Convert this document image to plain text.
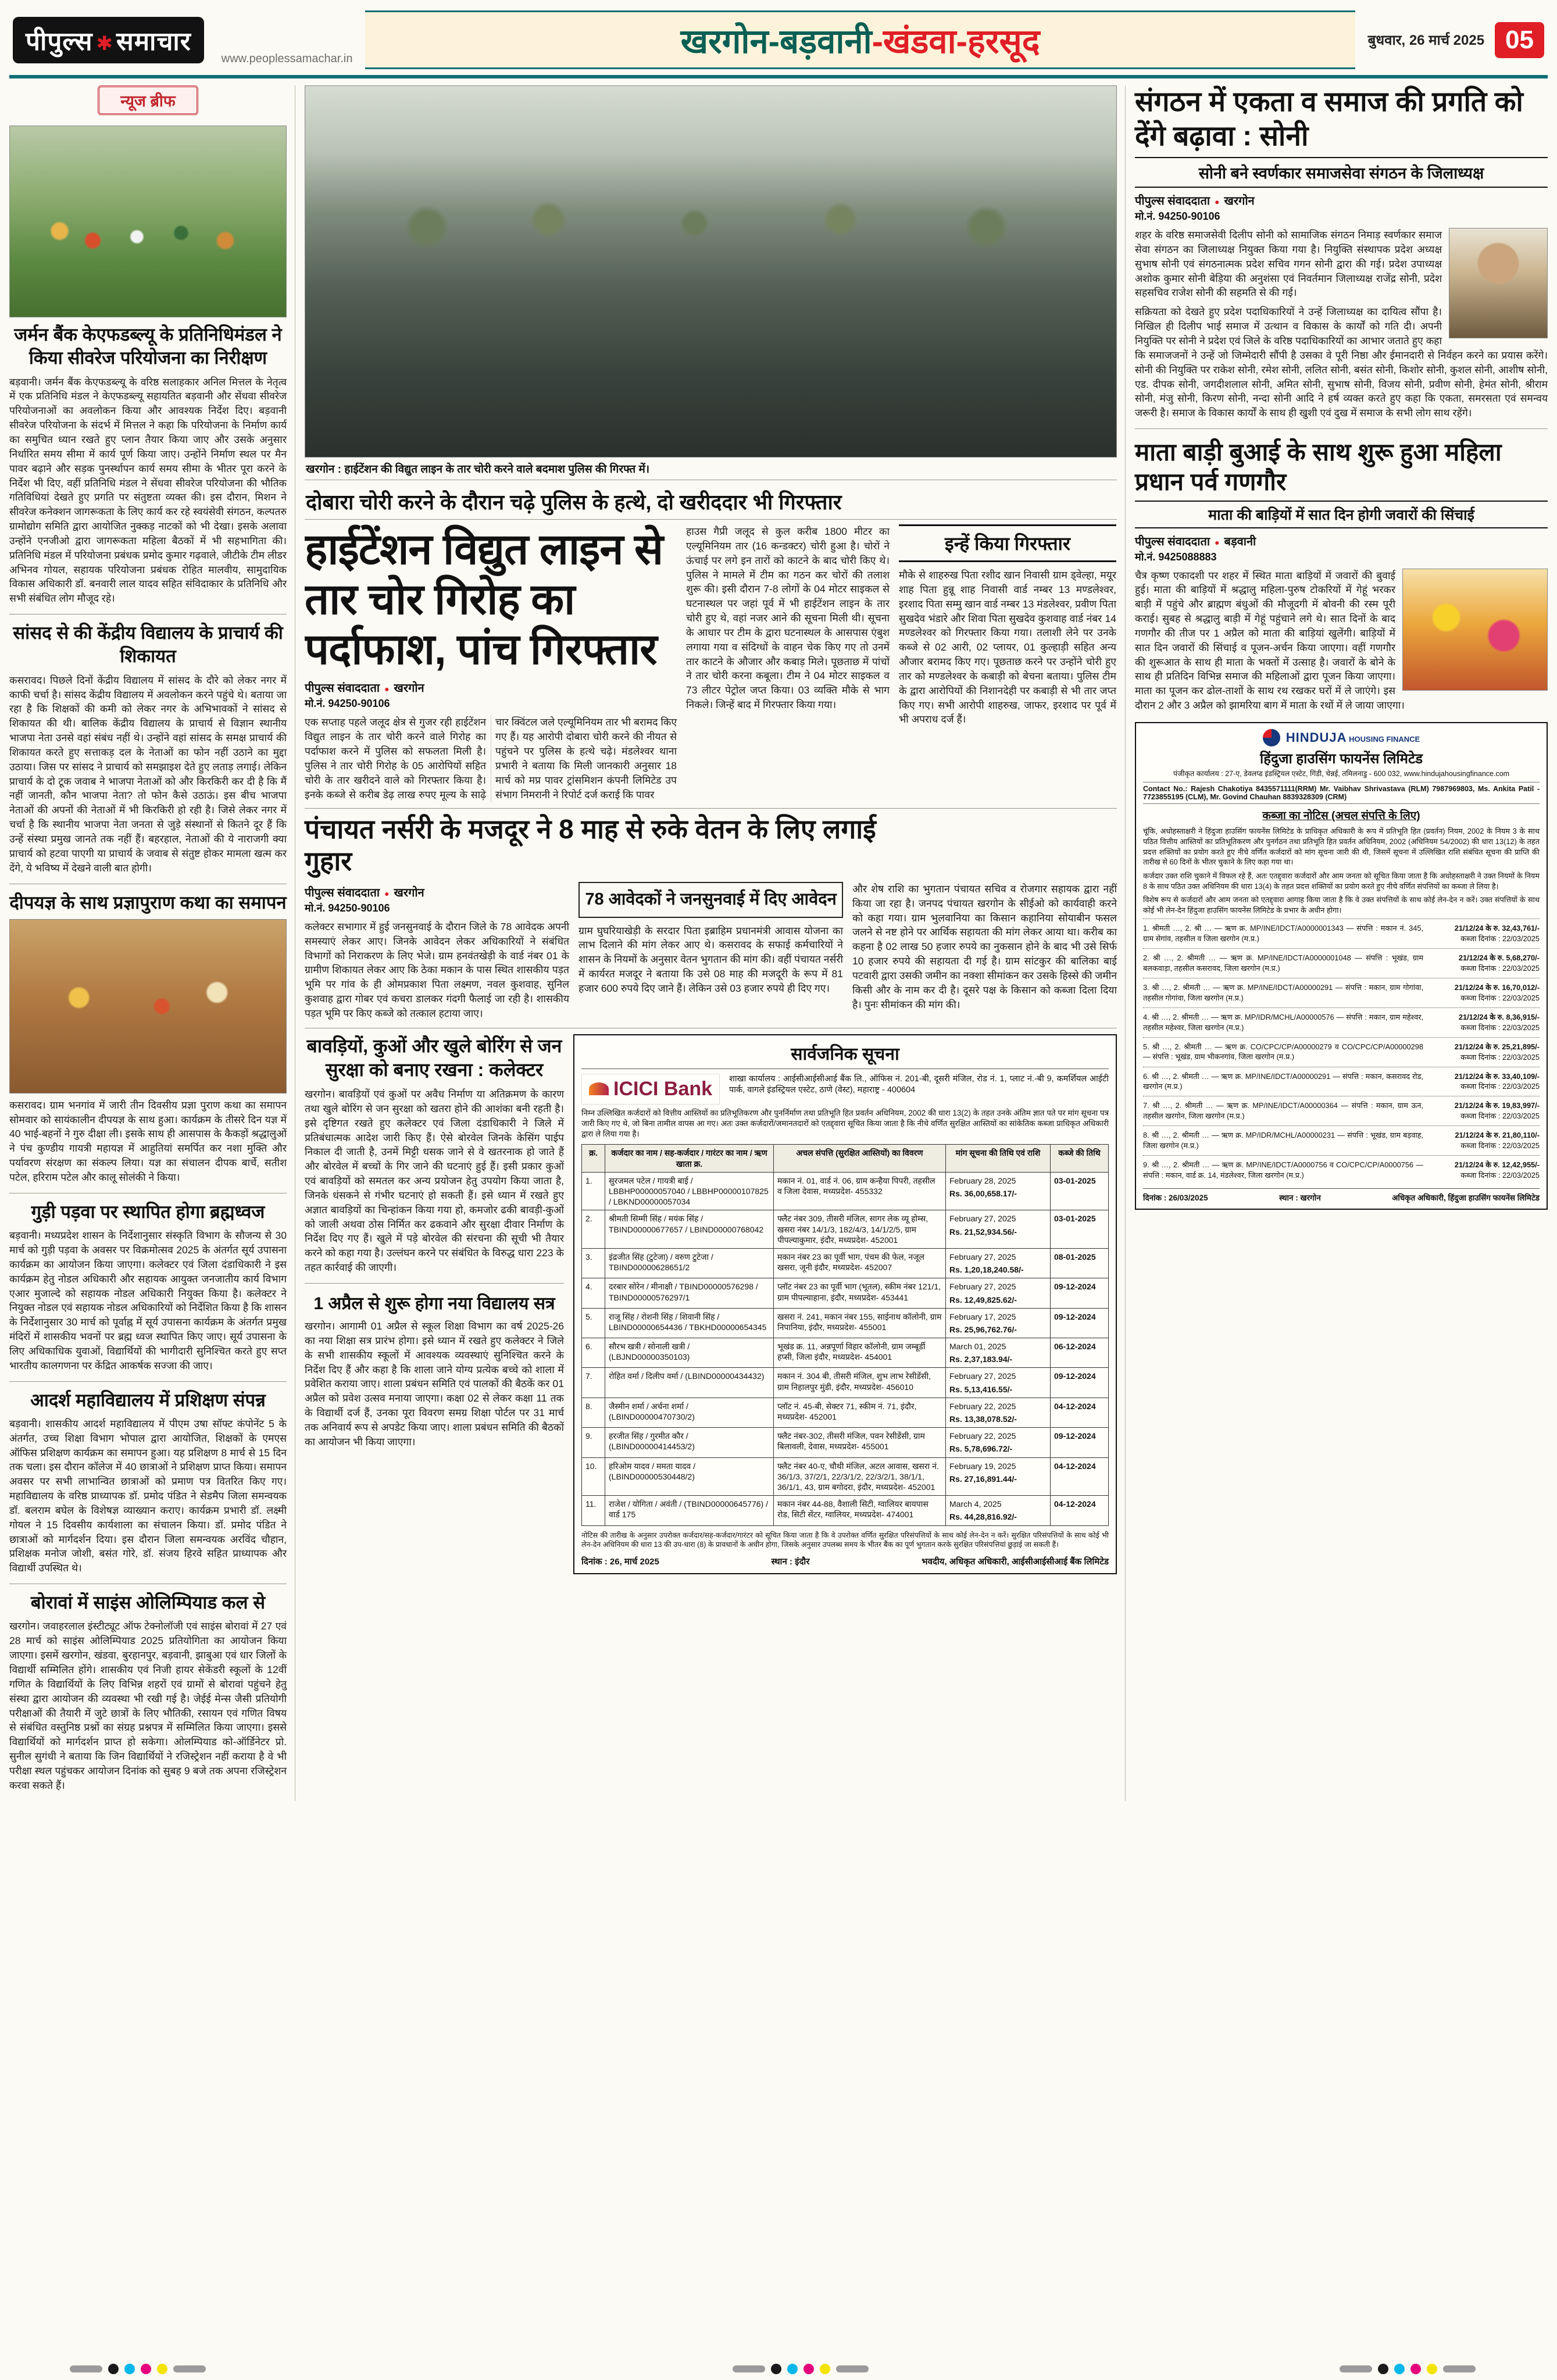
पीपुल्स ✱ समाचार
www.peoplessamachar.in	खरगोन-बड़वानी-खंडवा-हरसूद	बुधवार, 26 मार्च 2025 05
न्यूज ब्रीफ
जर्मन बैंक केएफडब्ल्यू के प्रतिनिधिमंडल ने किया सीवरेज परियोजना का निरीक्षण

बड़वानी। जर्मन बैंक केएफडब्ल्यू के वरिष्ठ सलाहकार अनिल मित्तल के नेतृत्व में एक प्रतिनिधि मंडल ने केएफडब्ल्यू सहायतित बड़वानी और सेंधवा सीवरेज परियोजनाओं का अवलोकन किया और आवश्यक निर्देश दिए। बड़वानी सीवरेज परियोजना के संदर्भ में मित्तल ने कहा कि परियोजना के निर्माण कार्य का समुचित ध्यान रखते हुए प्लान तैयार किया जाए और उसके अनुसार निर्धारित समय सीमा में कार्य पूर्ण किया जाए। उन्होंने निर्माण स्थल पर मैन पावर बढ़ाने और सड़क पुनर्स्थापन कार्य समय सीमा के भीतर पूरा करने के निर्देश भी दिए, वहीं प्रतिनिधि मंडल ने सेंधवा सीवरेज परियोजना की भौतिक गतिविधियां देखते हुए प्रगति पर संतुष्टता व्यक्त की। इस दौरान, मिशन ने सीवरेज कनेक्शन जागरूकता के लिए कार्य कर रहे स्वयंसेवी संगठन, कल्पतरु ग्रामोद्योग समिति द्वारा आयोजित नुक्कड़ नाटकों को भी देखा। इसके अलावा उन्होंने एनजीओ द्वारा जागरूकता महिला बैठकों में भी सहभागिता की। प्रतिनिधि मंडल में परियोजना प्रबंधक प्रमोद कुमार गढ़वाले, जीटीके टीम लीडर अभिनव गोयल, सहायक परियोजना प्रबंधक रोहित मालवीय, सामुदायिक विकास अधिकारी डॉ. बनवारी लाल यादव सहित संविदाकार के प्रतिनिधि और सभी संबंधित लोग मौजूद रहे।

सांसद से की केंद्रीय विद्यालय के प्राचार्य की शिकायत

कसरावद। पिछले दिनों केंद्रीय विद्यालय में सांसद के दौरे को लेकर नगर में काफी चर्चा है। सांसद केंद्रीय विद्यालय में अवलोकन करने पहुंचे थे। बताया जा रहा है कि शिक्षकों की कमी को लेकर नगर के अभिभावकों ने सांसद से शिकायत की थी। बालिक केंद्रीय विद्यालय के प्राचार्य से विज्ञान स्थानीय भाजपा नेता उनसे वहां संबंध नहीं थे। उन्होंने वहां सांसद के समक्ष प्राचार्य की शिकायत करते हुए सत्ताकड़ दल के नेताओं का फोन नहीं उठाने का मुद्दा उठाया। जिस पर सांसद ने प्राचार्य को समझाइश देते हुए लताड़ लगाई। लेकिन प्राचार्य के दो टूक जवाब ने भाजपा नेताओं को और किरकिरी कर दी है कि मैं नहीं जानती, कौन भाजपा नेता? तो फोन कैसे उठाऊं। इस बीच भाजपा नेताओं की अपनों की नेताओं में भी किरकिरी हो रही है। जिसे लेकर नगर में चर्चा है कि स्थानीय भाजपा नेता जनता से जुड़े संस्थानों से कितने दूर हैं कि उन्हें संस्था प्रमुख जानते तक नहीं हैं। बहरहाल, नेताओं की ये नाराजगी क्या प्राचार्य को हटवा पाएगी या प्राचार्य के जवाब से संतुष्ट होकर मामला खत्म कर देंगे, ये भविष्य में देखने वाली बात होगी।

दीपयज्ञ के साथ प्रज्ञापुराण कथा का समापन

कसरावद। ग्राम भनगांव में जारी तीन दिवसीय प्रज्ञा पुराण कथा का समापन सोमवार को सायंकालीन दीपयज्ञ के साथ हुआ। कार्यक्रम के तीसरे दिन यज्ञ में 40 भाई-बहनों ने गुरु दीक्षा ली। इसके साथ ही आसपास के कैकड़ों श्रद्धालुओं ने पंच कुण्डीय गायत्री महायज्ञ में आहुतियां समर्पित कर नशा मुक्ति और पर्यावरण संरक्षण का संकल्प लिया। यज्ञ का संचालन दीपक बार्चे, सतीश पटेल, हरिराम पटेल और कालू सोलंकी ने किया।

गुड़ी पड़वा पर स्थापित होगा ब्रह्मध्वज

बड़वानी। मध्यप्रदेश शासन के निर्देशानुसार संस्कृति विभाग के सौजन्य से 30 मार्च को गुड़ी पड़वा के अवसर पर विक्रमोत्सव 2025 के अंतर्गत सूर्य उपासना कार्यक्रम का आयोजन किया जाएगा। कलेक्टर एवं जिला दंडाधिकारी ने इस कार्यक्रम हेतु नोडल अधिकारी और सहायक आयुक्त जनजातीय कार्य विभाग एआर मुजाल्दे को सहायक नोडल अधिकारी नियुक्त किया है। कलेक्टर ने नियुक्त नोडल एवं सहायक नोडल अधिकारियों को निर्देशित किया है कि शासन के निर्देशानुसार 30 मार्च को पूर्वाह्न में सूर्य उपासना कार्यक्रम के अंतर्गत प्रमुख मंदिरों में शासकीय भवनों पर ब्रह्म ध्वज स्थापित किए जाए। सूर्य उपासना के लिए अधिकाधिक युवाओं, विद्यार्थियों की भागीदारी सुनिश्चित करते हुए सप्त भारतीय कालगणना पर केंद्रित आकर्षक सज्जा की जाए।

आदर्श महाविद्यालय में प्रशिक्षण संपन्न

बड़वानी। शासकीय आदर्श महाविद्यालय में पीएम उषा सॉफ्ट कंपोनेंट 5 के अंतर्गत, उच्च शिक्षा विभाग भोपाल द्वारा आयोजित, शिक्षकों के एमएस ऑफिस प्रशिक्षण कार्यक्रम का समापन हुआ। यह प्रशिक्षण 8 मार्च से 15 दिन तक चला। इस दौरान कॉलेज में 40 छात्राओं ने प्रशिक्षण प्राप्त किया। समापन अवसर पर सभी लाभान्वित छात्राओं को प्रमाण पत्र वितरित किए गए। महाविद्यालय के वरिष्ठ प्राध्यापक डॉ. प्रमोद पंडित ने सेडमैप जिला समन्वयक डॉ. बलराम बघेल के विशेषज्ञ व्याख्यान कराए। कार्यक्रम प्रभारी डॉ. लक्ष्मी गोयल ने 15 दिवसीय कार्यशाला का संचालन किया। डॉ. प्रमोद पंडित ने छात्राओं को मार्गदर्शन दिया। इस दौरान जिला समन्वयक अरविंद चौहान, प्रशिक्षक मनोज जोशी, बसंत गोरे, डॉ. संजय हिरवे सहित प्राध्यापक और विद्यार्थी उपस्थित थे।

बोरावां में साइंस ओलिम्पियाड कल से

खरगोन। जवाहरलाल इंस्टीट्यूट ऑफ टेक्नोलॉजी एवं साइंस बोरावां में 27 एवं 28 मार्च को साइंस ओलिम्पियाड 2025 प्रतियोगिता का आयोजन किया जाएगा। इसमें खरगोन, खंडवा, बुरहानपुर, बड़वानी, झाबुआ एवं धार जिलों के विद्यार्थी सम्मिलित होंगे। शासकीय एवं निजी हायर सेकेंडरी स्कूलों के 12वीं गणित के विद्यार्थियों के लिए विभिन्न शहरों एवं ग्रामों से बोरावां पहुंचने हेतु संस्था द्वारा आयोजन की व्यवस्था भी रखी गई है। जेईई मेन्स जैसी प्रतियोगी परीक्षाओं की तैयारी में जुटे छात्रों के लिए भौतिकी, रसायन एवं गणित विषय से संबंधित वस्तुनिष्ठ प्रश्नों का संग्रह प्रश्नपत्र में सम्मिलित किया जाएगा। इससे विद्यार्थियों को मार्गदर्शन प्राप्त हो सकेगा। ओलम्पियाड को-ऑर्डिनेटर प्रो. सुनील सुगंधी ने बताया कि जिन विद्यार्थियों ने रजिस्ट्रेशन नहीं कराया है वे भी परीक्षा स्थल पहुंचकर आयोजन दिनांक को सुबह 9 बजे तक अपना रजिस्ट्रेशन करवा सकते हैं।

खरगोन : हाईटेंशन की विद्युत लाइन के तार चोरी करने वाले बदमाश पुलिस की गिरफ्त में।
दोबारा चोरी करने के दौरान चढ़े पुलिस के हत्थे, दो खरीददार भी गिरफ्तार
हाईटेंशन विद्युत लाइन से तार चोर गिरोह का पर्दाफाश, पांच गिरफ्तार
पीपुल्स संवाददाता ● खरगोन
मो.नं. 94250-90106

एक सप्ताह पहले जलूद क्षेत्र से गुजर रही हाईटेंशन विद्युत लाइन के तार चोरी करने वाले गिरोह का पर्दाफाश करने में पुलिस को सफलता मिली है। पुलिस ने तार चोरी गिरोह के 05 आरोपियों सहित चोरी के तार खरीदने वाले को गिरफ्तार किया है। इनके कब्जे से करीब डेढ़ लाख रुपए मूल्य के साढ़े चार क्विंटल जले एल्यूमिनियम तार भी बरामद किए गए हैं। यह आरोपी दोबारा चोरी करने की नीयत से पहुंचने पर पुलिस के हत्थे चढ़े। मंडलेश्वर थाना प्रभारी ने बताया कि मिली जानकारी अनुसार 18 मार्च को मप्र पावर ट्रांसमिशन कंपनी लिमिटेड उप संभाग निमरानी ने रिपोर्ट दर्ज कराई कि पावर

हाउस गैप्री जलूद से कुल करीब 1800 मीटर का एल्यूमिनियम तार (16 कन्डक्टर) चोरी हुआ है। चोरों ने ऊंचाई पर लगे इन तारों को काटने के बाद चोरी किए थे। पुलिस ने मामले में टीम का गठन कर चोरों की तलाश शुरू की। इसी दौरान 7-8 लोगों के 04 मोटर साइकल से घटनास्थल पर जहां पूर्व में भी हाईटेंशन लाइन के तार चोरी हुए थे, वहां नजर आने की सूचना मिली थी। सूचना के आधार पर टीम के द्वारा घटनास्थल के आसपास एंबुश लगाया गया व संदिग्धों के वाहन चेक किए गए तो उनमें तार काटने के औजार और कबाड़ मिले। पूछताछ में पांचों ने तार चोरी करना कबूला। टीम ने 04 मोटर साइकल व 73 लीटर पेट्रोल जप्त किया। 03 व्यक्ति मौके से भाग निकले। जिन्हें बाद में गिरफ्तार किया गया।

इन्हें किया गिरफ्तार

मौके से शाहरुख पिता रशीद खान निवासी ग्राम ड्वेल्हा, मयूर शाह पिता हुन्नू शाह निवासी वार्ड नम्बर 13 मण्डलेश्वर, इरशाद पिता सम्मु खान वार्ड नम्बर 13 मंडलेश्वर, प्रवीण पिता सुखदेव भंडारे और शिवा पिता सुखदेव कुशवाह वार्ड नंबर 14 मण्डलेश्वर को गिरफ्तार किया गया। तलाशी लेने पर उनके कब्जे से 02 आरी, 02 प्लायर, 01 कुल्हाड़ी सहित अन्य औजार बरामद किए गए। पूछताछ करने पर उन्होंने चोरी हुए तार को मण्डलेश्वर के कबाड़ी को बेचना बताया। पुलिस टीम के द्वारा आरोपियों की निशानदेही पर कबाड़ी से भी तार जप्त किए गए। सभी आरोपी शाहरुख, जाफर, इरशाद पर पूर्व में भी अपराध दर्ज हैं।

पंचायत नर्सरी के मजदूर ने 8 माह से रुके वेतन के लिए लगाई गुहार
पीपुल्स संवाददाता ● खरगोन
मो.नं. 94250-90106

कलेक्टर सभागार में हुई जनसुनवाई के दौरान जिले के 78 आवेदक अपनी समस्याएं लेकर आए। जिनके आवेदन लेकर अधिकारियों ने संबंधित विभागों को निराकरण के लिए भेजे। ग्राम हनवंतखेड़ी के वार्ड नंबर 01 के ग्रामीण शिकायत लेकर आए कि ठेका मकान के पास स्थित शासकीय पड़त भूमि पर गांव के ही ओमप्रकाश पिता लक्ष्मण, नवल कुशवाह, सुनिल कुशवाह द्वारा गोबर एवं कचरा डालकर गंदगी फैलाई जा रही है। शासकीय पड़त भूमि पर किए कब्जे को तत्काल हटाया जाए।

78 आवेदकों ने जनसुनवाई में दिए आवेदन

ग्राम घुघरियाखेड़ी के सरदार पिता इब्राहिम प्रधानमंत्री आवास योजना का लाभ दिलाने की मांग लेकर आए थे। कसरावद के सफाई कर्मचारियों ने शासन के नियमों के अनुसार वेतन भुगतान की मांग की। वहीं पंचायत नर्सरी में कार्यरत मजदूर ने बताया कि उसे 08 माह की मजदूरी के रूप में 81 हजार 600 रुपये दिए जाने हैं। लेकिन उसे 03 हजार रुपये ही दिए गए।

और शेष राशि का भुगतान पंचायत सचिव व रोजगार सहायक द्वारा नहीं किया जा रहा है। जनपद पंचायत खरगोन के सीईओ को कार्यवाही करने को कहा गया। ग्राम भुलवानिया का किसान कहानिया सोयाबीन फसल जलने से नष्ट होने पर आर्थिक सहायता की मांग लेकर आया था। करीब का कहना है 02 लाख 50 हजार रुपये का नुकसान होने के बाद भी उसे सिर्फ 10 हजार रुपये की सहायता दी गई है। ग्राम सांटकुर की बालिका बाई पटवारी द्वारा उसकी जमीन का नक्शा सीमांकन कर उसके हिस्से की जमीन किसी और के नाम कर दी है। दूसरे पक्ष के किसान को कब्जा दिला दिया है। पुनः सीमांकन की मांग की।

बावड़ियों, कुओं और खुले बोरिंग से जन सुरक्षा को बनाए रखना : कलेक्टर

खरगोन। बावड़ियों एवं कुओं पर अवैध निर्माण या अतिक्रमण के कारण तथा खुले बोरिंग से जन सुरक्षा को खतरा होने की आशंका बनी रहती है। इसे दृष्टिगत रखते हुए कलेक्टर एवं जिला दंडाधिकारी ने जिले में प्रतिबंधात्मक आदेश जारी किए हैं। ऐसे बोरवेल जिनके केसिंग पाईप निकाल दी जाती है, उनमें मिट्टी धसक जाने से वे खतरनाक हो जाते हैं और बोरवेल में बच्चों के गिर जाने की घटनाएं हुई हैं। इसी प्रकार कुओं एवं बावड़ियों को समतल कर अन्य प्रयोजन हेतु उपयोग किया जाता है, जिनके धंसकने से गंभीर घटनाएं हो सकती हैं। इसे ध्यान में रखते हुए अज्ञात बावड़ियों का चिन्हांकन किया गया हो, कमजोर ढकी बावड़ी-कुओं को जाली अथवा ठोस निर्मित कर ढकवाने और सुरक्षा दीवार निर्माण के निर्देश दिए गए हैं। खुले में पड़े बोरवेल की संरचना की सूची भी तैयार करने को कहा गया है। उल्लंघन करने पर संबंधित के विरुद्ध धारा 223 के तहत कार्रवाई की जाएगी।

1 अप्रैल से शुरू होगा नया विद्यालय सत्र

खरगोन। आगामी 01 अप्रैल से स्कूल शिक्षा विभाग का वर्ष 2025-26 का नया शिक्षा सत्र प्रारंभ होगा। इसे ध्यान में रखते हुए कलेक्टर ने जिले के सभी शासकीय स्कूलों में आवश्यक व्यवस्थाएं सुनिश्चित करने के निर्देश दिए हैं और कहा है कि शाला जाने योग्य प्रत्येक बच्चे को शाला में प्रवेशित कराया जाए। शाला प्रबंधन समिति एवं पालकों की बैठकें कर 01 अप्रैल को प्रवेश उत्सव मनाया जाएगा। कक्षा 02 से लेकर कक्षा 11 तक के विद्यार्थी दर्ज हैं, उनका पूरा विवरण समग्र शिक्षा पोर्टल पर 31 मार्च तक अनिवार्य रूप से अपडेट किया जाए। शाला प्रबंधन समिति की बैठकों का आयोजन भी किया जाएगा।

सार्वजनिक सूचना
ICICI Bank शाखा कार्यालय : आईसीआईसीआई बैंक लि., ऑफिस नं. 201-बी, दूसरी मंजिल, रोड नं. 1, प्लाट नं.-बी 9, कमर्शियल आईटी पार्क, वागले इंडस्ट्रियल एस्टेट, ठाणे (वेस्ट), महाराष्ट्र - 400604

निम्न उल्लिखित कर्जदारों को वित्तीय आस्तियों का प्रतिभूतिकरण और पुनर्निर्माण तथा प्रतिभूति हित प्रवर्तन अधिनियम, 2002 की धारा 13(2) के तहत उनके अंतिम ज्ञात पते पर मांग सूचना पत्र जारी किए गए थे, जो बिना तामील वापस आ गए। अतः उक्त कर्जदारों/जमानतदारों को एतद्द्वारा सूचित किया जाता है कि नीचे वर्णित सुरक्षित आस्तियों का सांकेतिक कब्जा प्राधिकृत अधिकारी द्वारा ले लिया गया है।

क्र.	कर्जदार का नाम / सह-कर्जदार / गारंटर का नाम / ऋण खाता क्र.	अचल संपत्ति (सुरक्षित आस्तियों) का विवरण	मांग सूचना की तिथि एवं राशि	कब्जे की तिथि
1.	सुरजमल पटेल / गायत्री बाई / LBBHP00000057040 / LBBHP00000107825 / LBKND00000057034	मकान नं. 01, वार्ड नं. 06, ग्राम कन्हैया पिपरी, तहसील व जिला देवास, मध्यप्रदेश- 455332	February 28, 2025
Rs. 36,00,658.17/-	03-01-2025
2.	श्रीमती सिम्मी सिंह / मयंक सिंह / TBIND00000677657 / LBIND00000768042	फ्लैट नंबर 309, तीसरी मंजिल, सागर लेक व्यू होम्स, खसरा नंबर 14/1/3, 182/4/3, 14/1/2/5, ग्राम पीपल्याकुमार, इंदौर, मध्यप्रदेश- 452001	February 27, 2025
Rs. 21,52,934.56/-	03-01-2025
3.	इंद्रजीत सिंह (टुटेजा) / वरुण टुटेजा / TBIND00000628651/2	मकान नंबर 23 का पूर्वी भाग, पंचम की फेल, नजूल खसरा, जूनी इंदौर, मध्यप्रदेश- 452007	February 27, 2025
Rs. 1,20,18,240.58/-	08-01-2025
4.	दरबार सोरेन / मीनाक्षी / TBIND00000576298 / TBIND00000576297/1	प्लॉट नंबर 23 का पूर्वी भाग (भूतल), स्कीम नंबर 121/1, ग्राम पीपल्याहाना, इंदौर, मध्यप्रदेश- 453441	February 27, 2025
Rs. 12,49,825.62/-	09-12-2024
5.	राजू सिंह / रोशनी सिंह / शिवानी सिंह / LBIND00000654436 / TBKHD00000654345	खसरा नं. 241, मकान नंबर 155, साईनाथ कॉलोनी, ग्राम निपानिया, इंदौर, मध्यप्रदेश- 455001	February 17, 2025
Rs. 25,96,762.76/-	09-12-2024
6.	सौरभ खत्री / सोनाली खत्री / (LBJND00000350103)	भूखंड क्र. 11, अन्नपूर्णा विहार कॉलोनी, ग्राम जम्बूर्डी हप्सी, जिला इंदौर, मध्यप्रदेश- 454001	March 01, 2025
Rs. 2,37,183.94/-	06-12-2024
7.	रोहित वर्मा / दिलीप वर्मा / (LBIND00000434432)	मकान नं. 304 बी, तीसरी मंजिल, शुभ लाभ रेसीडेंसी, ग्राम निहालपुर मुंडी, इंदौर, मध्यप्रदेश- 456010	February 27, 2025
Rs. 5,13,416.55/-	09-12-2024
8.	जैस्मीन शर्मा / अर्चना शर्मा / (LBIND00000470730/2)	प्लॉट नं. 45-बी, सेक्टर 71, स्कीम नं. 71, इंदौर, मध्यप्रदेश- 452001	February 22, 2025
Rs. 13,38,078.52/-	04-12-2024
9.	हरजीत सिंह / गुरमीत कौर / (LBIND00000414453/2)	फ्लैट नंबर-302, तीसरी मंजिल, पवन रेसीडेंसी, ग्राम बिलावली, देवास, मध्यप्रदेश- 455001	February 22, 2025
Rs. 5,78,696.72/-	09-12-2024
10.	हरिओम यादव / ममता यादव / (LBIND00000530448/2)	फ्लैट नंबर 40-ए, चौथी मंजिल, अटल आवास, खसरा नं. 36/1/3, 37/2/1, 22/3/1/2, 22/3/2/1, 38/1/1, 36/1/1, 43, ग्राम बगोदरा, इंदौर, मध्यप्रदेश- 452001	February 19, 2025
Rs. 27,16,891.44/-	04-12-2024
11.	राजेश / योगिता / अवंती / (TBIND00000645776) / वार्ड 175	मकान नंबर 44-88, वैशाली सिटी, ग्वालियर बायपास रोड, सिटी सेंटर, ग्वालियर, मध्यप्रदेश- 474001	March 4, 2025
Rs. 44,28,816.92/-	04-12-2024

नोटिस की तारीख के अनुसार उपरोक्त कर्जदार/सह-कर्जदार/गारंटर को सूचित किया जाता है कि वे उपरोक्त वर्णित सुरक्षित परिसंपत्तियों के साथ कोई लेन-देन न करें। सुरक्षित परिसंपत्तियों के साथ कोई भी लेन-देन अधिनियम की धारा 13 की उप-धारा (8) के प्रावधानों के अधीन होगा, जिसके अनुसार उपलब्ध समय के भीतर बैंक का पूर्ण भुगतान करके सुरक्षित परिसंपत्तियां छुड़ाई जा सकती हैं।

दिनांक : 26, मार्च 2025	स्थान : इंदौर	भवदीय, अधिकृत अधिकारी, आईसीआईसीआई बैंक लिमिटेड
संगठन में एकता व समाज की प्रगति को देंगे बढ़ावा : सोनी
सोनी बने स्वर्णकार समाजसेवा संगठन के जिलाध्यक्ष
पीपुल्स संवाददाता ● खरगोन
मो.नं. 94250-90106

शहर के वरिष्ठ समाजसेवी दिलीप सोनी को सामाजिक संगठन निमाड़ स्वर्णकार समाज सेवा संगठन का जिलाध्यक्ष नियुक्त किया गया है। नियुक्ति संस्थापक प्रदेश अध्यक्ष सुभाष सोनी एवं संगठनात्मक प्रदेश सचिव गगन सोनी द्वारा की गई। प्रदेश उपाध्यक्ष अशोक कुमार सोनी बेड़िया की अनुशंसा एवं निवर्तमान जिलाध्यक्ष राजेंद्र सोनी, प्रदेश सहसचिव राजेश सोनी की सहमति से की गई।

सक्रियता को देखते हुए प्रदेश पदाधिकारियों ने उन्हें जिलाध्यक्ष का दायित्व सौंपा है। निखिल ही दिलीप भाई समाज में उत्थान व विकास के कार्यों को गति दी। अपनी नियुक्ति पर सोनी ने प्रदेश एवं जिले के वरिष्ठ पदाधिकारियों का आभार जताते हुए कहा कि समाजजनों ने उन्हें जो जिम्मेदारी सौंपी है उसका वे पूरी निष्ठा और ईमानदारी से निर्वहन करने का प्रयास करेंगे। सोनी की नियुक्ति पर राकेश सोनी, रमेश सोनी, ललित सोनी, बसंत सोनी, किशोर सोनी, कुशल सोनी, आशीष सोनी, एड. दीपक सोनी, जगदीशलाल सोनी, अमित सोनी, सुभाष सोनी, विजय सोनी, प्रवीण सोनी, हेमंत सोनी, श्रीराम सोनी, मंजु सोनी, किरण सोनी, नन्दा सोनी आदि ने हर्ष व्यक्त करते हुए कहा कि एकता, समरसता एवं समन्वय जरूरी है। समाज के विकास कार्यों के साथ ही खुशी एवं दुख में समाज के सभी लोग साथ रहेंगे।

माता बाड़ी बुआई के साथ शुरू हुआ महिला प्रधान पर्व गणगौर
माता की बाड़ियों में सात दिन होगी जवारों की सिंचाई
पीपुल्स संवाददाता ● बड़वानी
मो.नं. 9425088883

चैत्र कृष्ण एकादशी पर शहर में स्थित माता बाड़ियों में जवारों की बुवाई हुई। माता की बाड़ियों में श्रद्धालु महिला-पुरुष टोकरियों में गेहूं भरकर बाड़ी में पहुंचे और ब्राह्मण बंधुओं की मौजूदगी में बोवनी की रस्म पूरी कराई। सुबह से श्रद्धालु बाड़ी में गेहूं पहुंचाने लगे थे। सात दिनों के बाद गणगौर की तीज पर 1 अप्रैल को माता की बाड़ियां खुलेंगी। बाड़ियों में सात दिन जवारों की सिंचाई व पूजन-अर्चन किया जाएगा। वहीं गणगौर की शुरूआत के साथ ही माता के भक्तों में उत्साह है। जवारों के बोने के साथ ही प्रतिदिन विभिन्न समाज की महिलाओं द्वारा पूजन किया जाएगा। माता का पूजन कर ढोल-ताशों के साथ रथ रखकर घरों में ले जाएंगे। इस दौरान 2 और 3 अप्रैल को झामरिया बाग में माता के रथों में ले जाया जाएगा।

HINDUJA HOUSING FINANCE
हिंदुजा हाउसिंग फायनेंस लिमिटेड
पंजीकृत कार्यालय : 27-ए, डेवलप्ड इंडस्ट्रियल एस्टेट, गिंडी, चेन्नई, तमिलनाडु - 600 032, www.hindujahousingfinance.com
Contact No.: Rajesh Chakotiya 8435571111(RRM) Mr. Vaibhav Shrivastava (RLM) 7987969803, Ms. Ankita Patil - 7723855195 (CLM), Mr. Govind Chauhan 8839328309 (CRM)
कब्जा का नोटिस (अचल संपत्ति के लिए)

चूंकि, अधोहस्ताक्षरी ने हिंदुजा हाउसिंग फायनेंस लिमिटेड के प्राधिकृत अधिकारी के रूप में प्रतिभूति हित (प्रवर्तन) नियम, 2002 के नियम 3 के साथ पठित वित्तीय आस्तियों का प्रतिभूतिकरण और पुनर्गठन तथा प्रतिभूति हित प्रवर्तन अधिनियम, 2002 (अधिनियम 54/2002) की धारा 13(12) के तहत प्रदत्त शक्तियों का प्रयोग करते हुए नीचे वर्णित कर्जदारों को मांग सूचना जारी की थी, जिसमें सूचना में उल्लिखित राशि संबंधित सूचना की प्राप्ति की तारीख से 60 दिनों के भीतर चुकाने के लिए कहा गया था।

कर्जदार उक्त राशि चुकाने में विफल रहे हैं, अतः एतद्द्वारा कर्जदारों और आम जनता को सूचित किया जाता है कि अधोहस्ताक्षरी ने उक्त नियमों के नियम 8 के साथ पठित उक्त अधिनियम की धारा 13(4) के तहत प्रदत्त शक्तियों का प्रयोग करते हुए नीचे वर्णित संपत्तियों का कब्जा ले लिया है।

विशेष रूप से कर्जदारों और आम जनता को एतद्द्वारा आगाह किया जाता है कि वे उक्त संपत्तियों के साथ कोई लेन-देन न करें। उक्त संपत्तियों के साथ कोई भी लेन-देन हिंदुजा हाउसिंग फायनेंस लिमिटेड के प्रभार के अधीन होगा।

1. श्रीमती …, 2. श्री … — ऋण क्र. MP/INE/IDCT/A0000001343 — संपत्ति : मकान नं. 345, ग्राम सेगांव, तहसील व जिला खरगोन (म.प्र.)
21/12/24 के रु. 32,43,761/-
कब्जा दिनांक : 22/03/2025
2. श्री …, 2. श्रीमती … — ऋण क्र. MP/INE/IDCT/A0000001048 — संपत्ति : भूखंड, ग्राम बलकवाड़ा, तहसील कसरावद, जिला खरगोन (म.प्र.)
21/12/24 के रु. 5,68,270/-
कब्जा दिनांक : 22/03/2025
3. श्री …, 2. श्रीमती … — ऋण क्र. MP/INE/IDCT/A00000291 — संपत्ति : मकान, ग्राम गोगांवा, तहसील गोगांवा, जिला खरगोन (म.प्र.)
21/12/24 के रु. 16,70,012/-
कब्जा दिनांक : 22/03/2025
4. श्री …, 2. श्रीमती … — ऋण क्र. MP/IDR/MCHL/A00000576 — संपत्ति : मकान, ग्राम महेश्वर, तहसील महेश्वर, जिला खरगोन (म.प्र.)
21/12/24 के रु. 8,36,915/-
कब्जा दिनांक : 22/03/2025
5. श्री …, 2. श्रीमती … — ऋण क्र. CO/CPC/CP/A00000279 व CO/CPC/CP/A00000298 — संपत्ति : भूखंड, ग्राम भीकनगांव, जिला खरगोन (म.प्र.)
21/12/24 के रु. 25,21,895/-
कब्जा दिनांक : 22/03/2025
6. श्री …, 2. श्रीमती … — ऋण क्र. MP/INE/IDCT/A00000291 — संपत्ति : मकान, कसरावद रोड, खरगोन (म.प्र.)
21/12/24 के रु. 33,40,109/-
कब्जा दिनांक : 22/03/2025
7. श्री …, 2. श्रीमती … — ऋण क्र. MP/INE/IDCT/A00000364 — संपत्ति : मकान, ग्राम ऊन, तहसील खरगोन, जिला खरगोन (म.प्र.)
21/12/24 के रु. 19,83,997/-
कब्जा दिनांक : 22/03/2025
8. श्री …, 2. श्रीमती … — ऋण क्र. MP/IDR/MCHL/A00000231 — संपत्ति : भूखंड, ग्राम बड़वाह, जिला खरगोन (म.प्र.)
21/12/24 के रु. 21,80,110/-
कब्जा दिनांक : 22/03/2025
9. श्री …, 2. श्रीमती … — ऋण क्र. MP/INE/IDCT/A0000756 व CO/CPC/CP/A0000756 — संपत्ति : मकान, वार्ड क्र. 14, मंडलेश्वर, जिला खरगोन (म.प्र.)
21/12/24 के रु. 12,42,955/-
कब्जा दिनांक : 22/03/2025
दिनांक : 26/03/2025	स्थान : खरगोन	अधिकृत अधिकारी, हिंदुजा हाउसिंग फायनेंस लिमिटेड
